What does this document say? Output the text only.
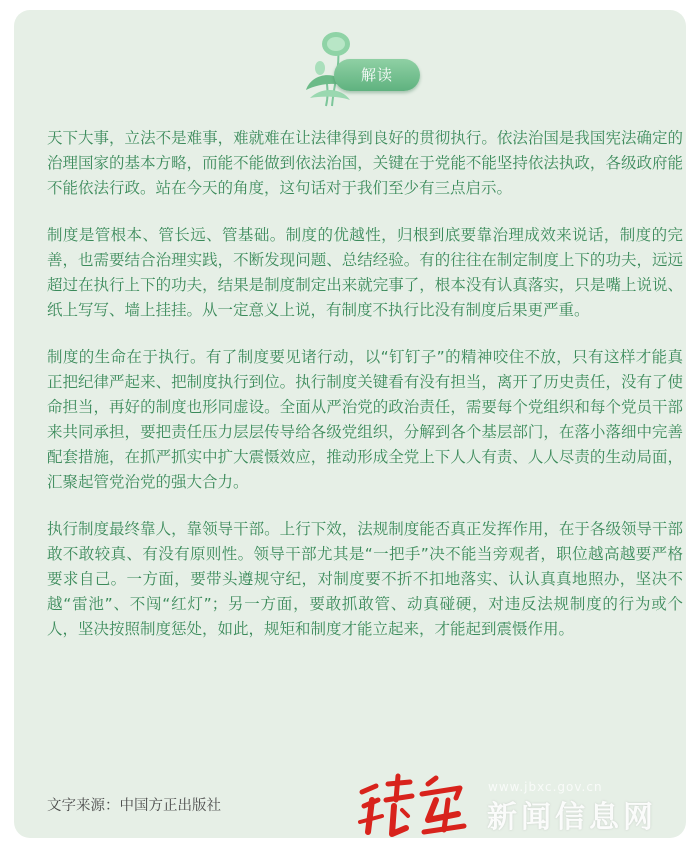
解读

天下大事，立法不是难事，难就难在让法律得到良好的贯彻执行。依法治国是我国宪法确定的治理国家的基本方略，而能不能做到依法治国，关键在于党能不能坚持依法执政，各级政府能不能依法行政。站在今天的角度，这句话对于我们至少有三点启示。

制度是管根本、管长远、管基础。制度的优越性，归根到底要靠治理成效来说话，制度的完善，也需要结合治理实践，不断发现问题、总结经验。有的往往在制定制度上下的功夫，远远超过在执行上下的功夫，结果是制度制定出来就完事了，根本没有认真落实，只是嘴上说说、纸上写写、墙上挂挂。从一定意义上说，有制度不执行比没有制度后果更严重。

制度的生命在于执行。有了制度要见诸行动，以“钉钉子”的精神咬住不放，只有这样才能真正把纪律严起来、把制度执行到位。执行制度关键看有没有担当，离开了历史责任，没有了使命担当，再好的制度也形同虚设。全面从严治党的政治责任，需要每个党组织和每个党员干部来共同承担，要把责任压力层层传导给各级党组织，分解到各个基层部门，在落小落细中完善配套措施，在抓严抓实中扩大震慑效应，推动形成全党上下人人有责、人人尽责的生动局面，汇聚起管党治党的强大合力。

执行制度最终靠人，靠领导干部。上行下效，法规制度能否真正发挥作用，在于各级领导干部敢不敢较真、有没有原则性。领导干部尤其是“一把手”决不能当旁观者，职位越高越要严格要求自己。一方面，要带头遵规守纪，对制度要不折不扣地落实、认认真真地照办，坚决不越“雷池”、不闯“红灯”；另一方面，要敢抓敢管、动真碰硬，对违反法规制度的行为或个人，坚决按照制度惩处，如此，规矩和制度才能立起来，才能起到震慑作用。

文字来源：中国方正出版社
www.jbxc.gov.cn
新闻信息网
